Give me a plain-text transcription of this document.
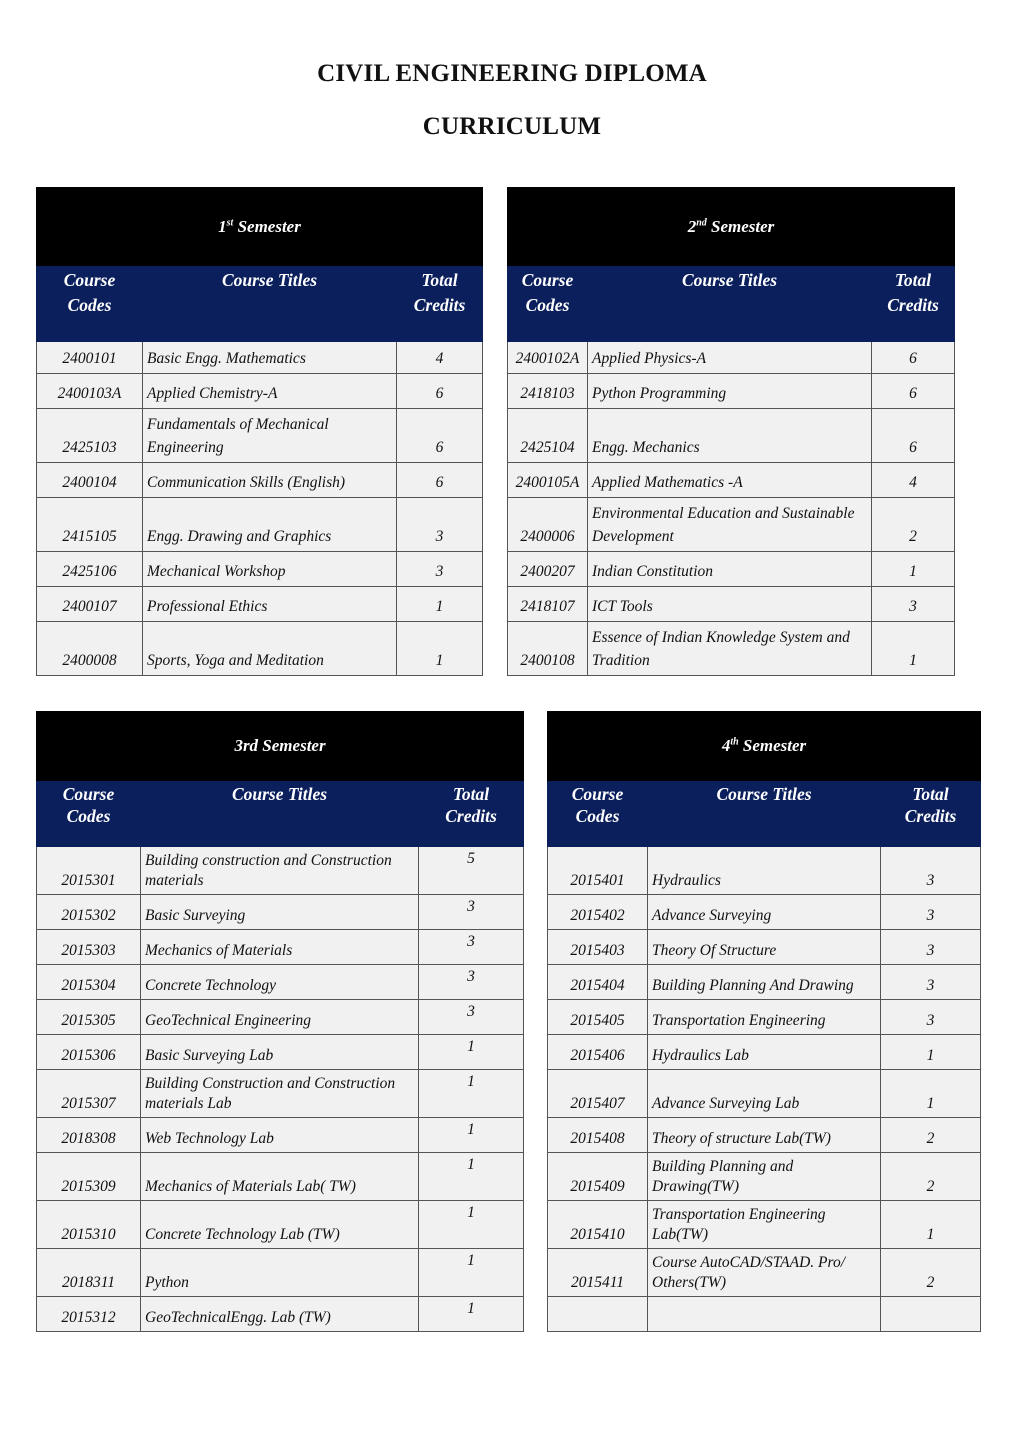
CIVIL ENGINEERING DIPLOMA
CURRICULUM
1st Semester		
Course
Codes	Course Titles	Total
Credits
2400101	Basic Engg. Mathematics	4
2400103A	Applied Chemistry-A	6
2425103	Fundamentals of Mechanical Engineering	6
2400104	Communication Skills (English)	6
2415105	Engg. Drawing and Graphics	3
2425106	Mechanical Workshop	3
2400107	Professional Ethics	1
2400008	Sports, Yoga and Meditation	1
2nd Semester		
Course
Codes	Course Titles	Total
Credits
2400102A	Applied Physics-A	6
2418103	Python Programming	6
2425104	Engg. Mechanics	6
2400105A	Applied Mathematics -A	4
2400006	Environmental Education and Sustainable Development	2
2400207	Indian Constitution	1
2418107	ICT Tools	3
2400108	Essence of Indian Knowledge System and Tradition	1
3rd Semester		
Course
Codes	Course Titles	Total
Credits
2015301	Building construction and Construction materials	5
2015302	Basic Surveying	3
2015303	Mechanics of Materials	3
2015304	Concrete Technology	3
2015305	GeoTechnical Engineering	3
2015306	Basic Surveying Lab	1
2015307	Building Construction and Construction materials Lab	1
2018308	Web Technology Lab	1
2015309	Mechanics of Materials Lab( TW)	1
2015310	Concrete Technology Lab (TW)	1
2018311	Python	1
2015312	GeoTechnicalEngg. Lab (TW)	1
4th Semester		
Course
Codes	Course Titles	Total
Credits
2015401	Hydraulics	3
2015402	Advance Surveying	3
2015403	Theory Of Structure	3
2015404	Building Planning And Drawing	3
2015405	Transportation Engineering	3
2015406	Hydraulics Lab	1
2015407	Advance Surveying Lab	1
2015408	Theory of structure Lab(TW)	2
2015409	Building Planning and Drawing(TW)	2
2015410	Transportation Engineering Lab(TW)	1
2015411	Course AutoCAD/STAAD. Pro/ Others(TW)	2
